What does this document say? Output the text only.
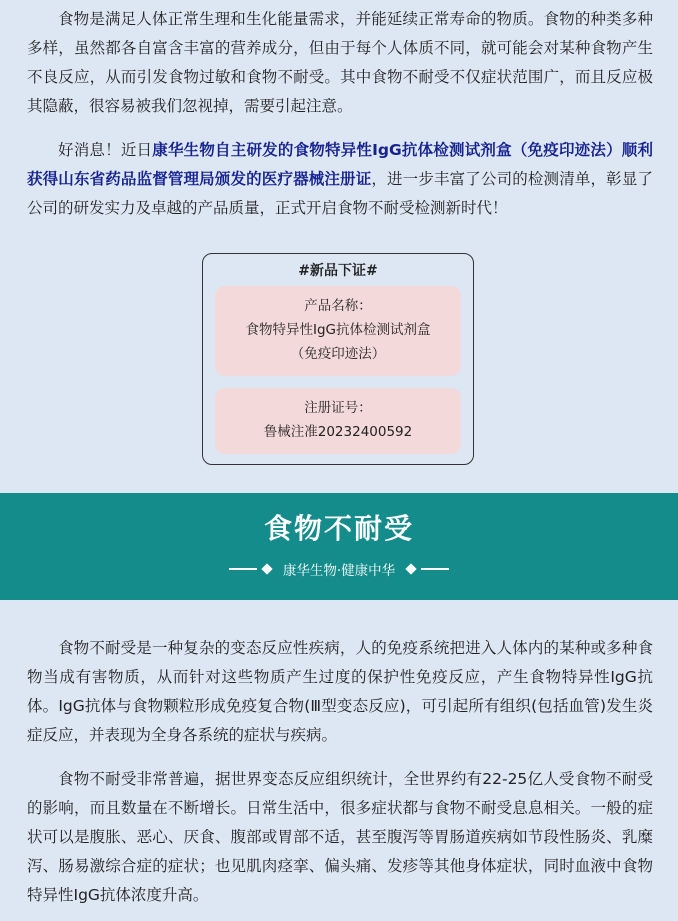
食物是满足人体正常生理和生化能量需求，并能延续正常寿命的物质。食物的种类多种多样，虽然都各自富含丰富的营养成分，但由于每个人体质不同，就可能会对某种食物产生不良反应，从而引发食物过敏和食物不耐受。其中食物不耐受不仅症状范围广，而且反应极其隐蔽，很容易被我们忽视掉，需要引起注意。

好消息！近日康华生物自主研发的食物特异性IgG抗体检测试剂盒（免疫印迹法）顺利获得山东省药品监督管理局颁发的医疗器械注册证，进一步丰富了公司的检测清单，彰显了公司的研发实力及卓越的产品质量，正式开启食物不耐受检测新时代！

#新品下证#
产品名称：
食物特异性IgG抗体检测试剂盒
（免疫印迹法）
注册证号：
鲁械注准20232400592
食物不耐受
康华生物·健康中华

食物不耐受是一种复杂的变态反应性疾病，人的免疫系统把进入人体内的某种或多种食物当成有害物质，从而针对这些物质产生过度的保护性免疫反应，产生食物特异性IgG抗体。IgG抗体与食物颗粒形成免疫复合物(Ⅲ型变态反应)，可引起所有组织(包括血管)发生炎症反应，并表现为全身各系统的症状与疾病。

食物不耐受非常普遍，据世界变态反应组织统计，全世界约有22-25亿人受食物不耐受的影响，而且数量在不断增长。日常生活中，很多症状都与食物不耐受息息相关。一般的症状可以是腹胀、恶心、厌食、腹部或胃部不适，甚至腹泻等胃肠道疾病如节段性肠炎、乳糜泻、肠易激综合症的症状；也见肌肉痉挛、偏头痛、发疹等其他身体症状，同时血液中食物特异性IgG抗体浓度升高。
